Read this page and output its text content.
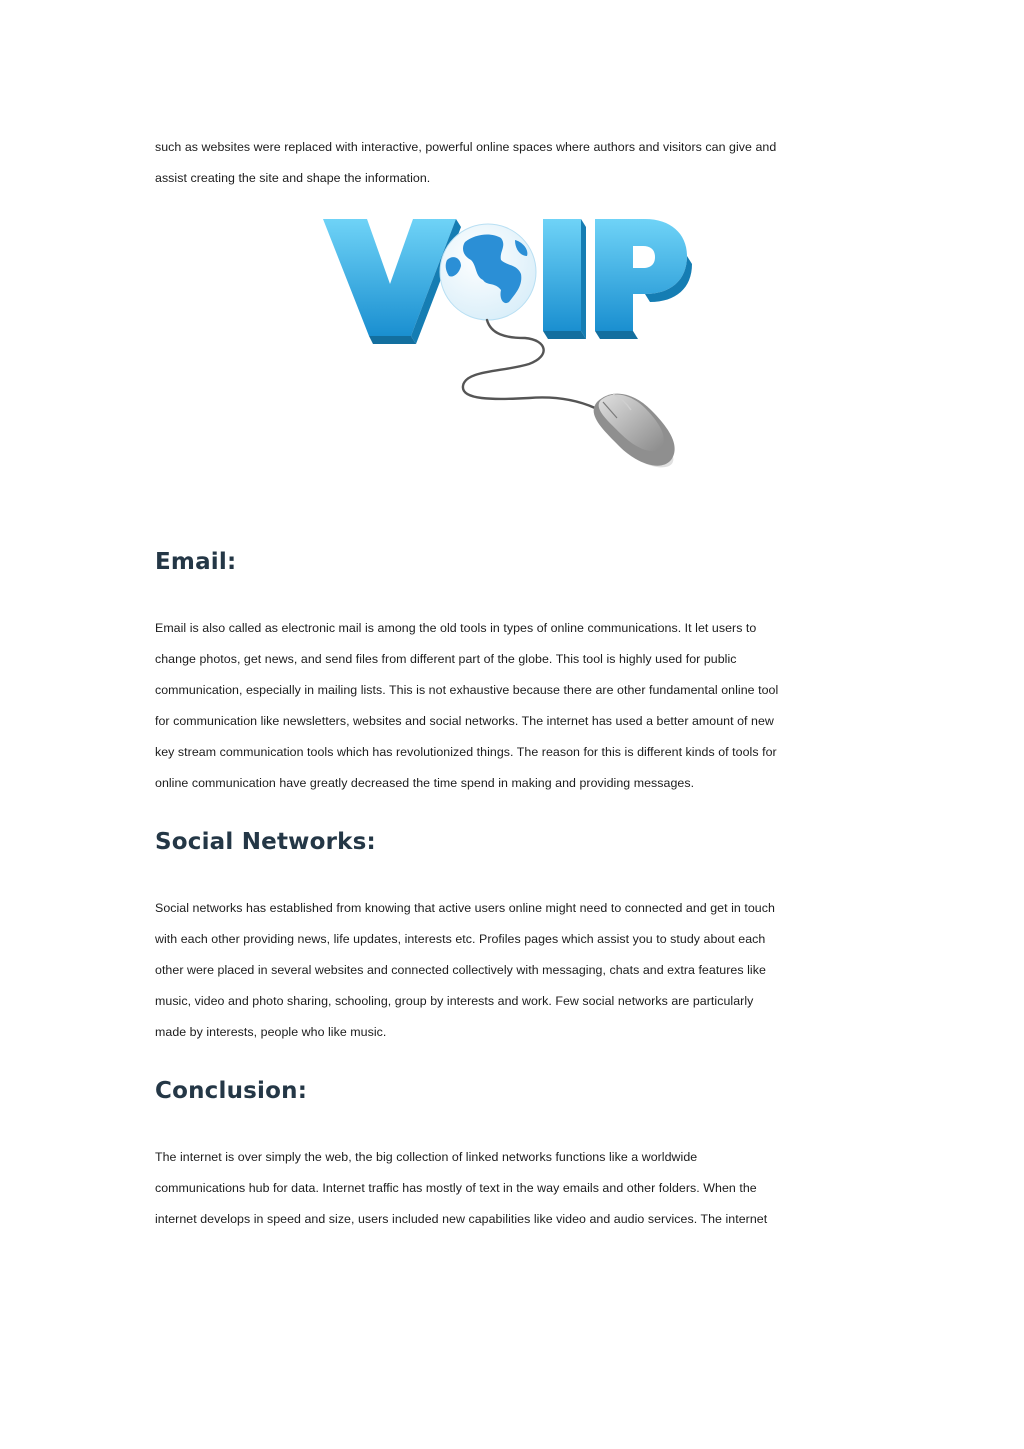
such as websites were replaced with interactive, powerful online spaces where authors and visitors can give and
assist creating the site and shape the information.

Email:

Email is also called as electronic mail is among the old tools in types of online communications. It let users to
change photos, get news, and send files from different part of the globe. This tool is highly used for public
communication, especially in mailing lists. This is not exhaustive because there are other fundamental online tool
for communication like newsletters, websites and social networks. The internet has used a better amount of new
key stream communication tools which has revolutionized things. The reason for this is different kinds of tools for
online communication have greatly decreased the time spend in making and providing messages.

Social Networks:

Social networks has established from knowing that active users online might need to connected and get in touch
with each other providing news, life updates, interests etc. Profiles pages which assist you to study about each
other were placed in several websites and connected collectively with messaging, chats and extra features like
music, video and photo sharing, schooling, group by interests and work. Few social networks are particularly
made by interests, people who like music.

Conclusion:

The internet is over simply the web, the big collection of linked networks functions like a worldwide
communications hub for data. Internet traffic has mostly of text in the way emails and other folders. When the
internet develops in speed and size, users included new capabilities like video and audio services. The internet
